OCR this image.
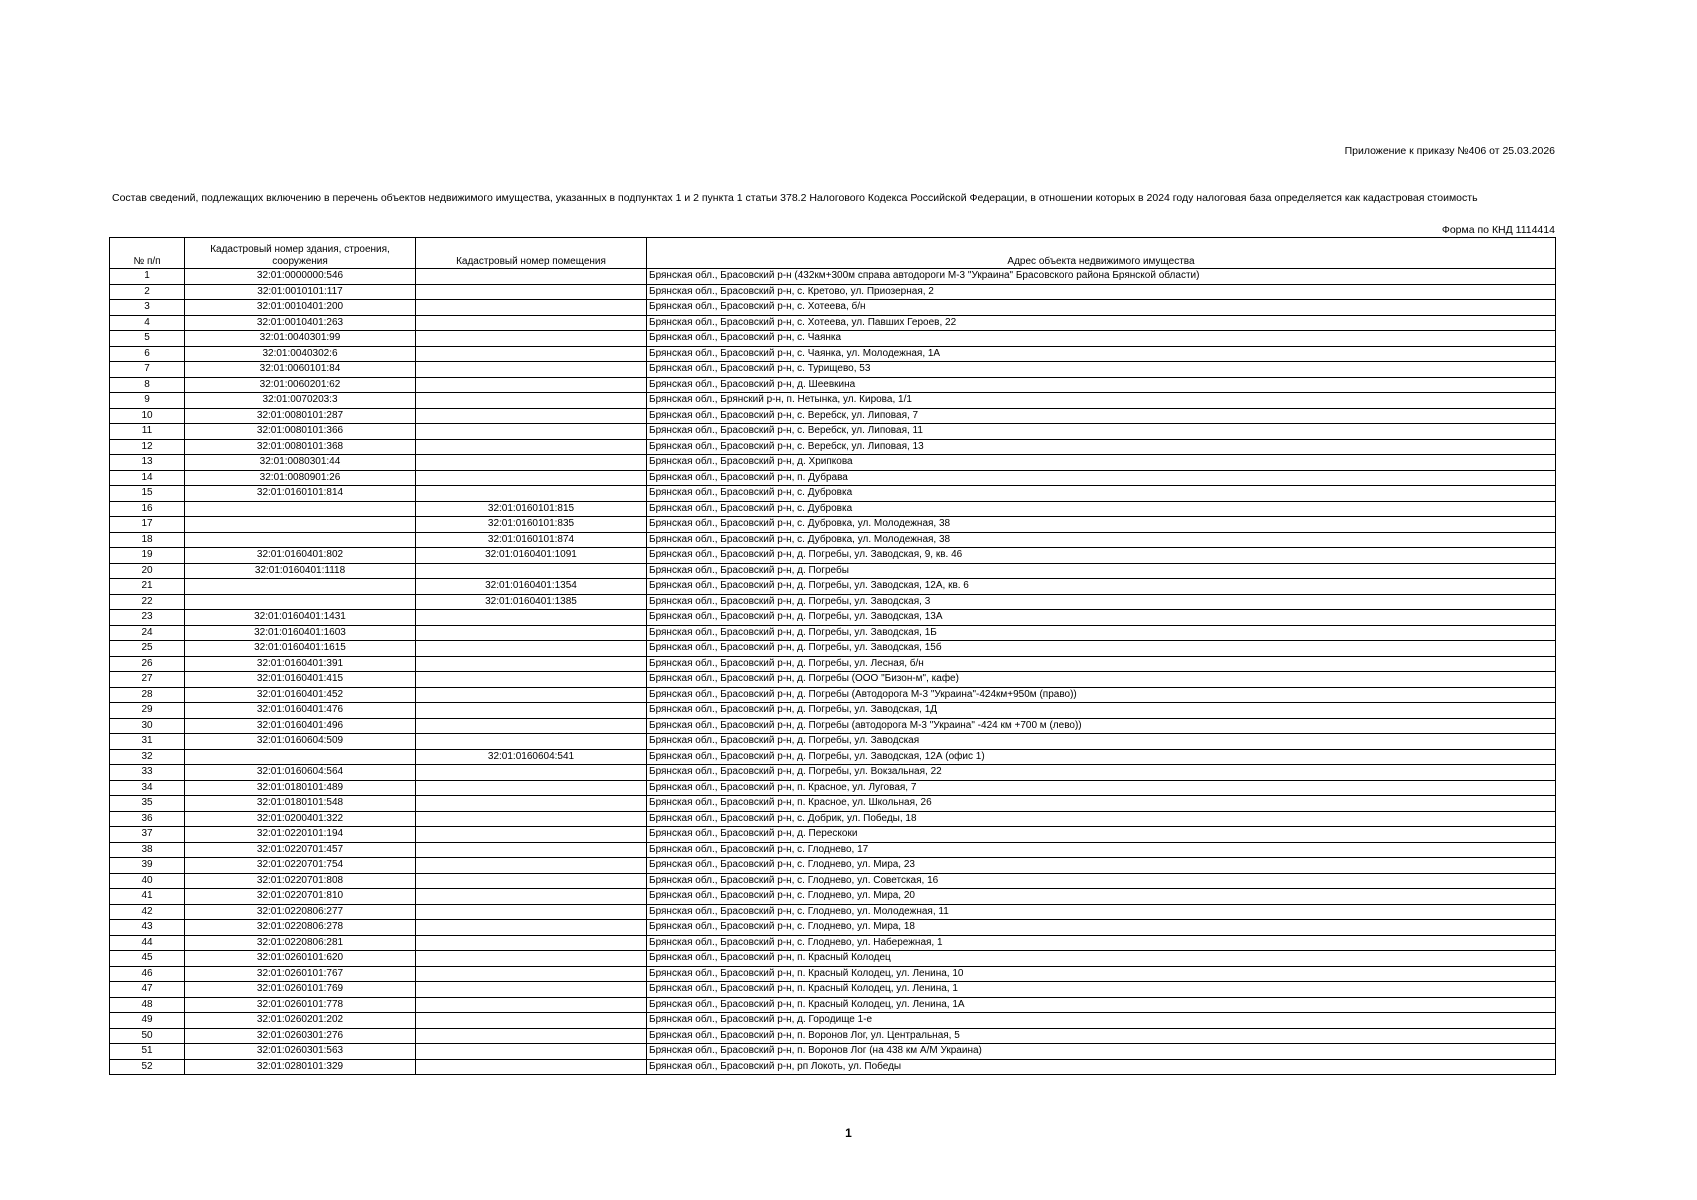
Приложение к приказу №406 от 25.03.2026
Состав сведений, подлежащих включению в перечень объектов недвижимого имущества, указанных в подпунктах 1 и 2 пункта 1 статьи 378.2 Налогового Кодекса Российской Федерации, в отношении которых в 2024 году налоговая база определяется как кадастровая стоимость
Форма по КНД 1114414
№ п/п	Кадастровый номер здания, строения, сооружения	Кадастровый номер помещения	Адрес объекта недвижимого имущества
1	32:01:0000000:546		Брянская обл., Брасовский р-н (432км+300м справа автодороги М-3 "Украина" Брасовского района Брянской области)
2	32:01:0010101:117		Брянская обл., Брасовский р-н, с. Кретово, ул. Приозерная, 2
3	32:01:0010401:200		Брянская обл., Брасовский р-н, с. Хотеева, б/н
4	32:01:0010401:263		Брянская обл., Брасовский р-н, с. Хотеева, ул. Павших Героев, 22
5	32:01:0040301:99		Брянская обл., Брасовский р-н, с. Чаянка
6	32:01:0040302:6		Брянская обл., Брасовский р-н, с. Чаянка, ул. Молодежная, 1А
7	32:01:0060101:84		Брянская обл., Брасовский р-н, с. Турищево, 53
8	32:01:0060201:62		Брянская обл., Брасовский р-н, д. Шеевкина
9	32:01:0070203:3		Брянская обл., Брянский р-н, п. Нетынка, ул. Кирова, 1/1
10	32:01:0080101:287		Брянская обл., Брасовский р-н, с. Веребск, ул. Липовая, 7
11	32:01:0080101:366		Брянская обл., Брасовский р-н, с. Веребск, ул. Липовая, 11
12	32:01:0080101:368		Брянская обл., Брасовский р-н, с. Веребск, ул. Липовая, 13
13	32:01:0080301:44		Брянская обл., Брасовский р-н, д. Хрипкова
14	32:01:0080901:26		Брянская обл., Брасовский р-н, п. Дубрава
15	32:01:0160101:814		Брянская обл., Брасовский р-н, с. Дубровка
16		32:01:0160101:815	Брянская обл., Брасовский р-н, с. Дубровка
17		32:01:0160101:835	Брянская обл., Брасовский р-н, с. Дубровка, ул. Молодежная, 38
18		32:01:0160101:874	Брянская обл., Брасовский р-н, с. Дубровка, ул. Молодежная, 38
19	32:01:0160401:802	32:01:0160401:1091	Брянская обл., Брасовский р-н, д. Погребы, ул. Заводская, 9, кв. 46
20	32:01:0160401:1118		Брянская обл., Брасовский р-н, д. Погребы
21		32:01:0160401:1354	Брянская обл., Брасовский р-н, д. Погребы, ул. Заводская, 12А, кв. 6
22		32:01:0160401:1385	Брянская обл., Брасовский р-н, д. Погребы, ул. Заводская, 3
23	32:01:0160401:1431		Брянская обл., Брасовский р-н, д. Погребы, ул. Заводская, 13А
24	32:01:0160401:1603		Брянская обл., Брасовский р-н, д. Погребы, ул. Заводская, 1Б
25	32:01:0160401:1615		Брянская обл., Брасовский р-н, д. Погребы, ул. Заводская, 15б
26	32:01:0160401:391		Брянская обл., Брасовский р-н, д. Погребы, ул. Лесная, б/н
27	32:01:0160401:415		Брянская обл., Брасовский р-н, д. Погребы (ООО "Бизон-м", кафе)
28	32:01:0160401:452		Брянская обл., Брасовский р-н, д. Погребы (Автодорога М-3 "Украина"-424км+950м (право))
29	32:01:0160401:476		Брянская обл., Брасовский р-н, д. Погребы, ул. Заводская, 1Д
30	32:01:0160401:496		Брянская обл., Брасовский р-н, д. Погребы (автодорога М-3 "Украина" -424 км +700 м (лево))
31	32:01:0160604:509		Брянская обл., Брасовский р-н, д. Погребы, ул. Заводская
32		32:01:0160604:541	Брянская обл., Брасовский р-н, д. Погребы, ул. Заводская, 12А (офис 1)
33	32:01:0160604:564		Брянская обл., Брасовский р-н, д. Погребы, ул. Вокзальная, 22
34	32:01:0180101:489		Брянская обл., Брасовский р-н, п. Красное, ул. Луговая, 7
35	32:01:0180101:548		Брянская обл., Брасовский р-н, п. Красное, ул. Школьная, 26
36	32:01:0200401:322		Брянская обл., Брасовский р-н, с. Добрик, ул. Победы, 18
37	32:01:0220101:194		Брянская обл., Брасовский р-н, д. Перескоки
38	32:01:0220701:457		Брянская обл., Брасовский р-н, с. Глоднево, 17
39	32:01:0220701:754		Брянская обл., Брасовский р-н, с. Глоднево, ул. Мира, 23
40	32:01:0220701:808		Брянская обл., Брасовский р-н, с. Глоднево, ул. Советская, 16
41	32:01:0220701:810		Брянская обл., Брасовский р-н, с. Глоднево, ул. Мира, 20
42	32:01:0220806:277		Брянская обл., Брасовский р-н, с. Глоднево, ул. Молодежная, 11
43	32:01:0220806:278		Брянская обл., Брасовский р-н, с. Глоднево, ул. Мира, 18
44	32:01:0220806:281		Брянская обл., Брасовский р-н, с. Глоднево, ул. Набережная, 1
45	32:01:0260101:620		Брянская обл., Брасовский р-н, п. Красный Колодец
46	32:01:0260101:767		Брянская обл., Брасовский р-н, п. Красный Колодец, ул. Ленина, 10
47	32:01:0260101:769		Брянская обл., Брасовский р-н, п. Красный Колодец, ул. Ленина, 1
48	32:01:0260101:778		Брянская обл., Брасовский р-н, п. Красный Колодец, ул. Ленина, 1А
49	32:01:0260201:202		Брянская обл., Брасовский р-н, д. Городище 1-е
50	32:01:0260301:276		Брянская обл., Брасовский р-н, п. Воронов Лог, ул. Центральная, 5
51	32:01:0260301:563		Брянская обл., Брасовский р-н, п. Воронов Лог (на 438 км А/М Украина)
52	32:01:0280101:329		Брянская обл., Брасовский р-н, рп Локоть, ул. Победы
1
